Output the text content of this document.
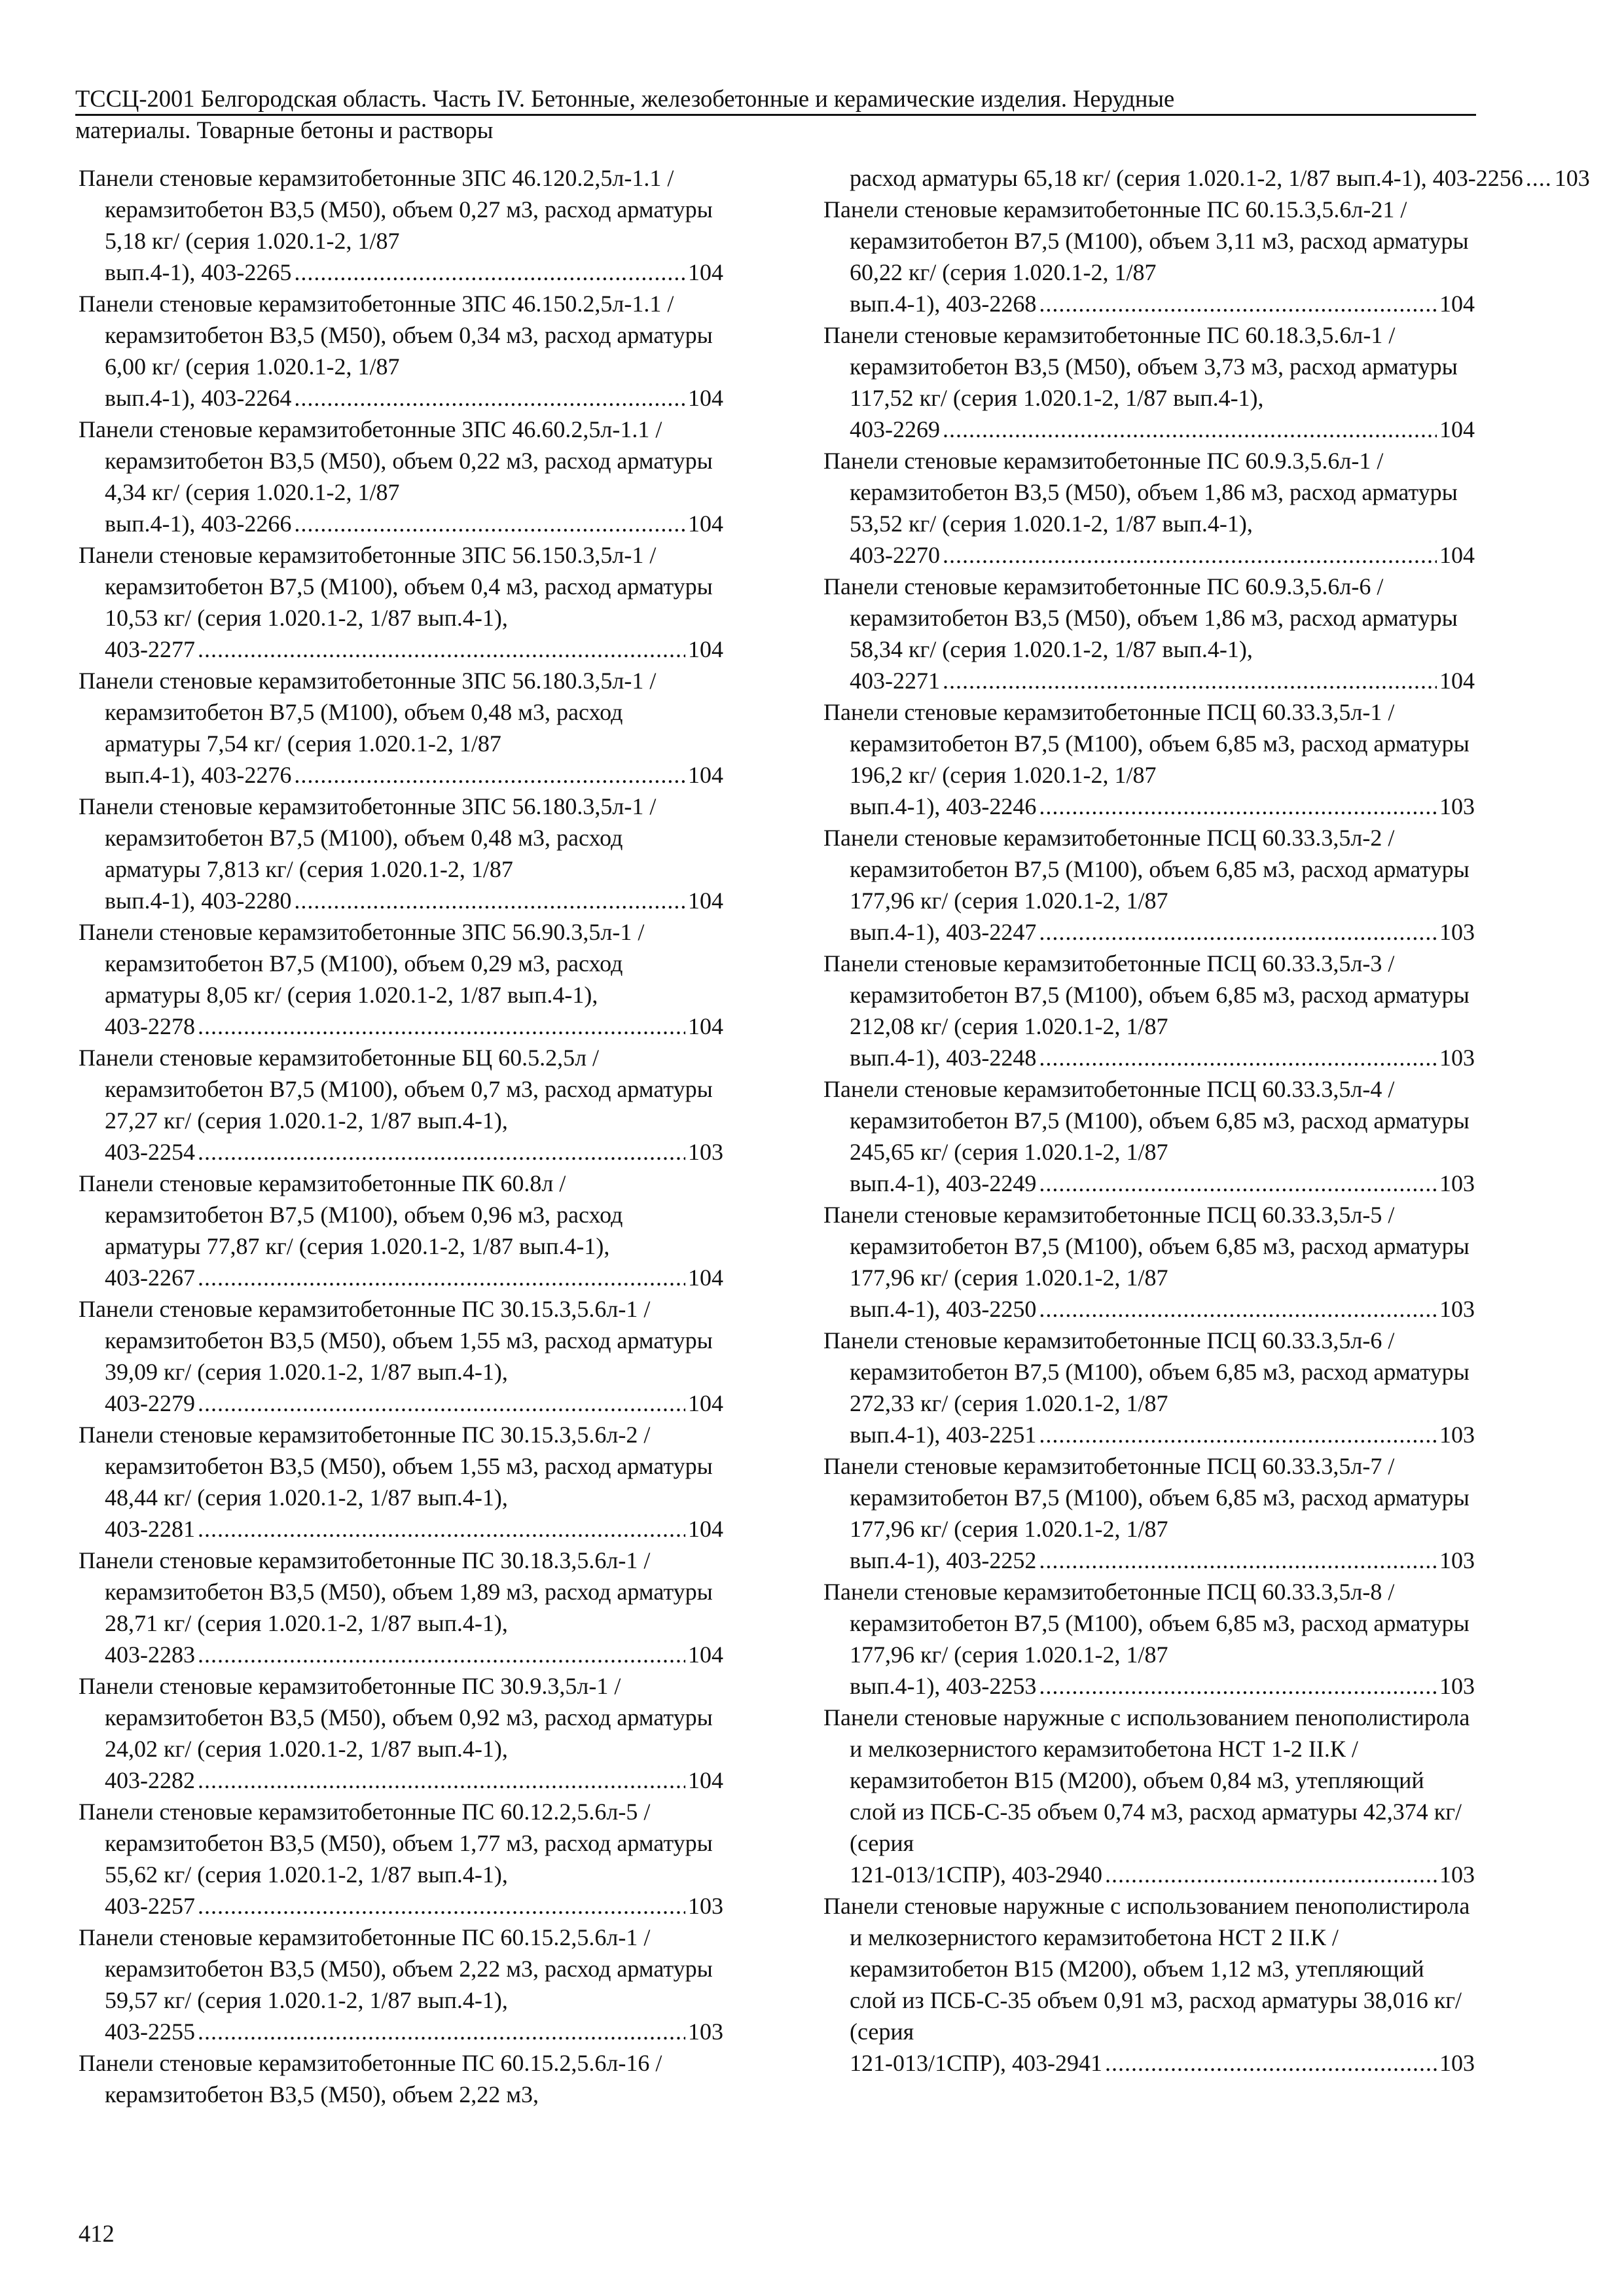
ТССЦ-2001 Белгородская область. Часть IV. Бетонные, железобетонные и керамические изделия. Нерудные
материалы. Товарные бетоны и растворы
Панели стеновые керамзитобетонные 3ПС 46.120.2,5л-1.1 /керамзитобетон В3,5 (М50), объем 0,27 м3, расход арматуры 5,18 кг/ (серия 1.020.1-2, 1/87
вып.4-1), 403-2265 .....	104
Панели стеновые керамзитобетонные 3ПС 46.150.2,5л-1.1 /керамзитобетон В3,5 (М50), объем 0,34 м3, расход арматуры 6,00 кг/ (серия 1.020.1-2, 1/87
вып.4-1), 403-2264 .....	104
Панели стеновые керамзитобетонные 3ПС 46.60.2,5л-1.1 /керамзитобетон В3,5 (М50), объем 0,22 м3, расход арматуры 4,34 кг/ (серия 1.020.1-2, 1/87
вып.4-1), 403-2266 .....	104
Панели стеновые керамзитобетонные 3ПС 56.150.3,5л-1 /керамзитобетон В7,5 (М100), объем 0,4 м3, расход арматуры 10,53 кг/ (серия 1.020.1-2, 1/87 вып.4-1),
403-2277 .....	104
Панели стеновые керамзитобетонные 3ПС 56.180.3,5л-1 /керамзитобетон В7,5 (М100), объем 0,48 м3, расход арматуры 7,54 кг/ (серия 1.020.1-2, 1/87
вып.4-1), 403-2276 .....	104
Панели стеновые керамзитобетонные 3ПС 56.180.3,5л-1 /керамзитобетон В7,5 (М100), объем 0,48 м3, расход арматуры 7,813 кг/ (серия 1.020.1-2, 1/87
вып.4-1), 403-2280 .....	104
Панели стеновые керамзитобетонные 3ПС 56.90.3,5л-1 /керамзитобетон В7,5 (М100), объем 0,29 м3, расход арматуры 8,05 кг/ (серия 1.020.1-2, 1/87 вып.4-1),
403-2278 .....	104
Панели стеновые керамзитобетонные БЦ 60.5.2,5л /керамзитобетон В7,5 (М100), объем 0,7 м3, расход арматуры 27,27 кг/ (серия 1.020.1-2, 1/87 вып.4-1),
403-2254 .....	103
Панели стеновые керамзитобетонные ПК 60.8л /керамзитобетон В7,5 (М100), объем 0,96 м3, расход арматуры 77,87 кг/ (серия 1.020.1-2, 1/87 вып.4-1),
403-2267 .....	104
Панели стеновые керамзитобетонные ПС 30.15.3,5.6л-1 /керамзитобетон В3,5 (М50), объем 1,55 м3, расход арматуры 39,09 кг/ (серия 1.020.1-2, 1/87 вып.4-1),
403-2279 .....	104
Панели стеновые керамзитобетонные ПС 30.15.3,5.6л-2 /керамзитобетон В3,5 (М50), объем 1,55 м3, расход арматуры 48,44 кг/ (серия 1.020.1-2, 1/87 вып.4-1),
403-2281 .....	104
Панели стеновые керамзитобетонные ПС 30.18.3,5.6л-1 /керамзитобетон В3,5 (М50), объем 1,89 м3, расход арматуры 28,71 кг/ (серия 1.020.1-2, 1/87 вып.4-1),
403-2283 .....	104
Панели стеновые керамзитобетонные ПС 30.9.3,5л-1 /керамзитобетон В3,5 (М50), объем 0,92 м3, расход арматуры 24,02 кг/ (серия 1.020.1-2, 1/87 вып.4-1),
403-2282 .....	104
Панели стеновые керамзитобетонные ПС 60.12.2,5.6л-5 /керамзитобетон В3,5 (М50), объем 1,77 м3, расход арматуры 55,62 кг/ (серия 1.020.1-2, 1/87 вып.4-1),
403-2257 .....	103
Панели стеновые керамзитобетонные ПС 60.15.2,5.6л-1 /керамзитобетон В3,5 (М50), объем 2,22 м3, расход арматуры 59,57 кг/ (серия 1.020.1-2, 1/87 вып.4-1),
403-2255 .....	103
Панели стеновые керамзитобетонные ПС 60.15.2,5.6л-16 /керамзитобетон В3,5 (М50), объем 2,22 м3,
расход арматуры 65,18 кг/ (серия 1.020.1-2, 1/87 вып.4-1), 403-2256 ..... 103
Панели стеновые керамзитобетонные ПС 60.15.3,5.6л-21 /керамзитобетон В7,5 (М100), объем 3,11 м3, расход арматуры 60,22 кг/ (серия 1.020.1-2, 1/87
вып.4-1), 403-2268 .....	104
Панели стеновые керамзитобетонные ПС 60.18.3,5.6л-1 /керамзитобетон В3,5 (М50), объем 3,73 м3, расход арматуры 117,52 кг/ (серия 1.020.1-2, 1/87 вып.4-1),
403-2269 .....	104
Панели стеновые керамзитобетонные ПС 60.9.3,5.6л-1 /керамзитобетон В3,5 (М50), объем 1,86 м3, расход арматуры 53,52 кг/ (серия 1.020.1-2, 1/87 вып.4-1),
403-2270 .....	104
Панели стеновые керамзитобетонные ПС 60.9.3,5.6л-6 /керамзитобетон В3,5 (М50), объем 1,86 м3, расход арматуры 58,34 кг/ (серия 1.020.1-2, 1/87 вып.4-1),
403-2271 .....	104
Панели стеновые керамзитобетонные ПСЦ 60.33.3,5л-1 /керамзитобетон В7,5 (М100), объем 6,85 м3, расход арматуры 196,2 кг/ (серия 1.020.1-2, 1/87
вып.4-1), 403-2246 .....	103
Панели стеновые керамзитобетонные ПСЦ 60.33.3,5л-2 /керамзитобетон В7,5 (М100), объем 6,85 м3, расход арматуры 177,96 кг/ (серия 1.020.1-2, 1/87
вып.4-1), 403-2247 .....	103
Панели стеновые керамзитобетонные ПСЦ 60.33.3,5л-3 /керамзитобетон В7,5 (М100), объем 6,85 м3, расход арматуры 212,08 кг/ (серия 1.020.1-2, 1/87
вып.4-1), 403-2248 .....	103
Панели стеновые керамзитобетонные ПСЦ 60.33.3,5л-4 /керамзитобетон В7,5 (М100), объем 6,85 м3, расход арматуры 245,65 кг/ (серия 1.020.1-2, 1/87
вып.4-1), 403-2249 .....	103
Панели стеновые керамзитобетонные ПСЦ 60.33.3,5л-5 /керамзитобетон В7,5 (М100), объем 6,85 м3, расход арматуры 177,96 кг/ (серия 1.020.1-2, 1/87
вып.4-1), 403-2250 .....	103
Панели стеновые керамзитобетонные ПСЦ 60.33.3,5л-6 /керамзитобетон В7,5 (М100), объем 6,85 м3, расход арматуры 272,33 кг/ (серия 1.020.1-2, 1/87
вып.4-1), 403-2251 .....	103
Панели стеновые керамзитобетонные ПСЦ 60.33.3,5л-7 /керамзитобетон В7,5 (М100), объем 6,85 м3, расход арматуры 177,96 кг/ (серия 1.020.1-2, 1/87
вып.4-1), 403-2252 .....	103
Панели стеновые керамзитобетонные ПСЦ 60.33.3,5л-8 /керамзитобетон В7,5 (М100), объем 6,85 м3, расход арматуры 177,96 кг/ (серия 1.020.1-2, 1/87
вып.4-1), 403-2253 .....	103
Панели стеновые наружные с использованием пенополистирола и мелкозернистого керамзитобетона НСТ 1-2 II.К /керамзитобетон В15 (М200), объем 0,84 м3, утепляющий слой из ПСБ-С-35 объем 0,74 м3, расход арматуры 42,374 кг/ (серия
121-013/1СПР), 403-2940 .....	103
Панели стеновые наружные с использованием пенополистирола и мелкозернистого керамзитобетона НСТ 2 II.К /керамзитобетон В15 (М200), объем 1,12 м3, утепляющий слой из ПСБ-С-35 объем 0,91 м3, расход арматуры 38,016 кг/ (серия
121-013/1СПР), 403-2941 .....	103
412
